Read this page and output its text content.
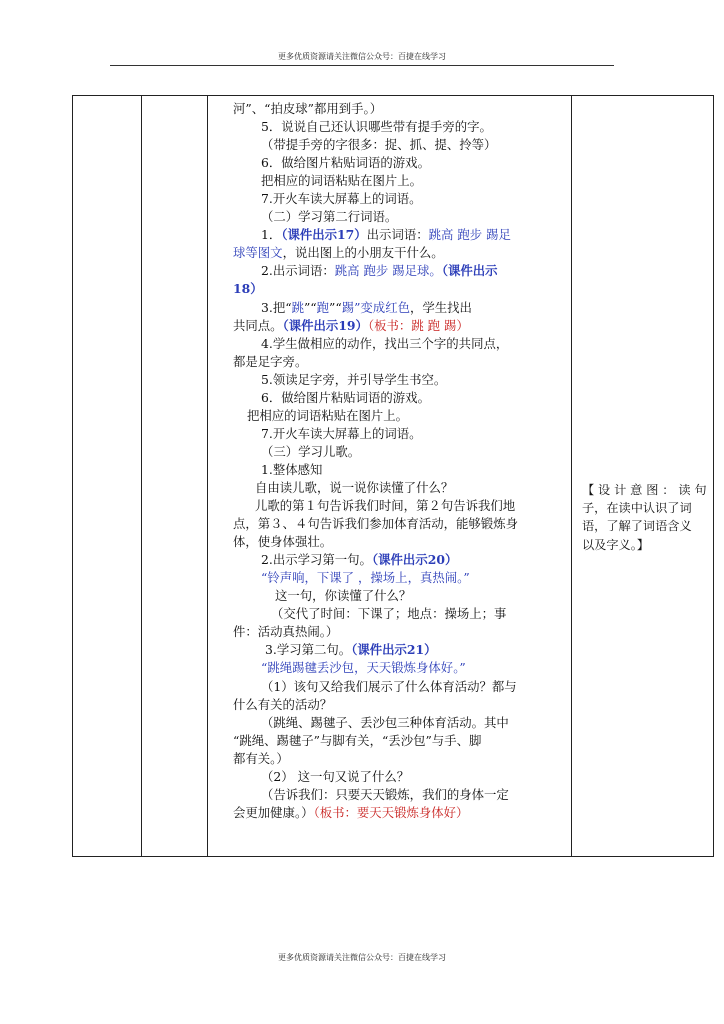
更多优质资源请关注微信公众号：百捷在线学习

河”、“拍皮球”都用到手。）
5．说说自己还认识哪些带有提手旁的字。
（带提手旁的字很多：捉、抓、提、拎等）
6．做给图片粘贴词语的游戏。
把相应的词语粘贴在图片上。
7.开火车读大屏幕上的词语。
（二）学习第二行词语。
1．（课件出示17）出示词语：跳高 跑步 踢足
球等图文，说出图上的小朋友干什么。
2.出示词语：跳高 跑步 踢足球。（课件出示
18）
3.把“跳”“跑”“踢”变成红色，学生找出
共同点。（课件出示19）（板书：跳 跑 踢）
4.学生做相应的动作，找出三个字的共同点，
都是足字旁。
5.领读足字旁，并引导学生书空。
6．做给图片粘贴词语的游戏。
把相应的词语粘贴在图片上。
7.开火车读大屏幕上的词语。
（三）学习儿歌。
1.整体感知
自由读儿歌，说一说你读懂了什么？
儿歌的第１句告诉我们时间，第２句告诉我们地
点，第３、４句告诉我们参加体育活动，能够锻炼身
体，使身体强壮。
2.出示学习第一句。（课件出示20）
“铃声响，下课了 ，操场上，真热闹。”
这一句，你读懂了什么？
（交代了时间：下课了；地点：操场上；事
件：活动真热闹。）
3.学习第二句。（课件出示21）
“跳绳踢毽丢沙包，天天锻炼身体好。”
（1）该句又给我们展示了什么体育活动？都与
什么有关的活动？
（跳绳、踢毽子、丢沙包三种体育活动。其中
“跳绳、踢毽子”与脚有关，“丢沙包”与手、脚
都有关。）
（2） 这一句又说了什么？
（告诉我们：只要天天锻炼，我们的身体一定
会更加健康。）（板书：要天天锻炼身体好）

【 设 计 意 图 ： 读 句
子，在读中认识了词
语，了解了词语含义
以及字义。】
更多优质资源请关注微信公众号：百捷在线学习
